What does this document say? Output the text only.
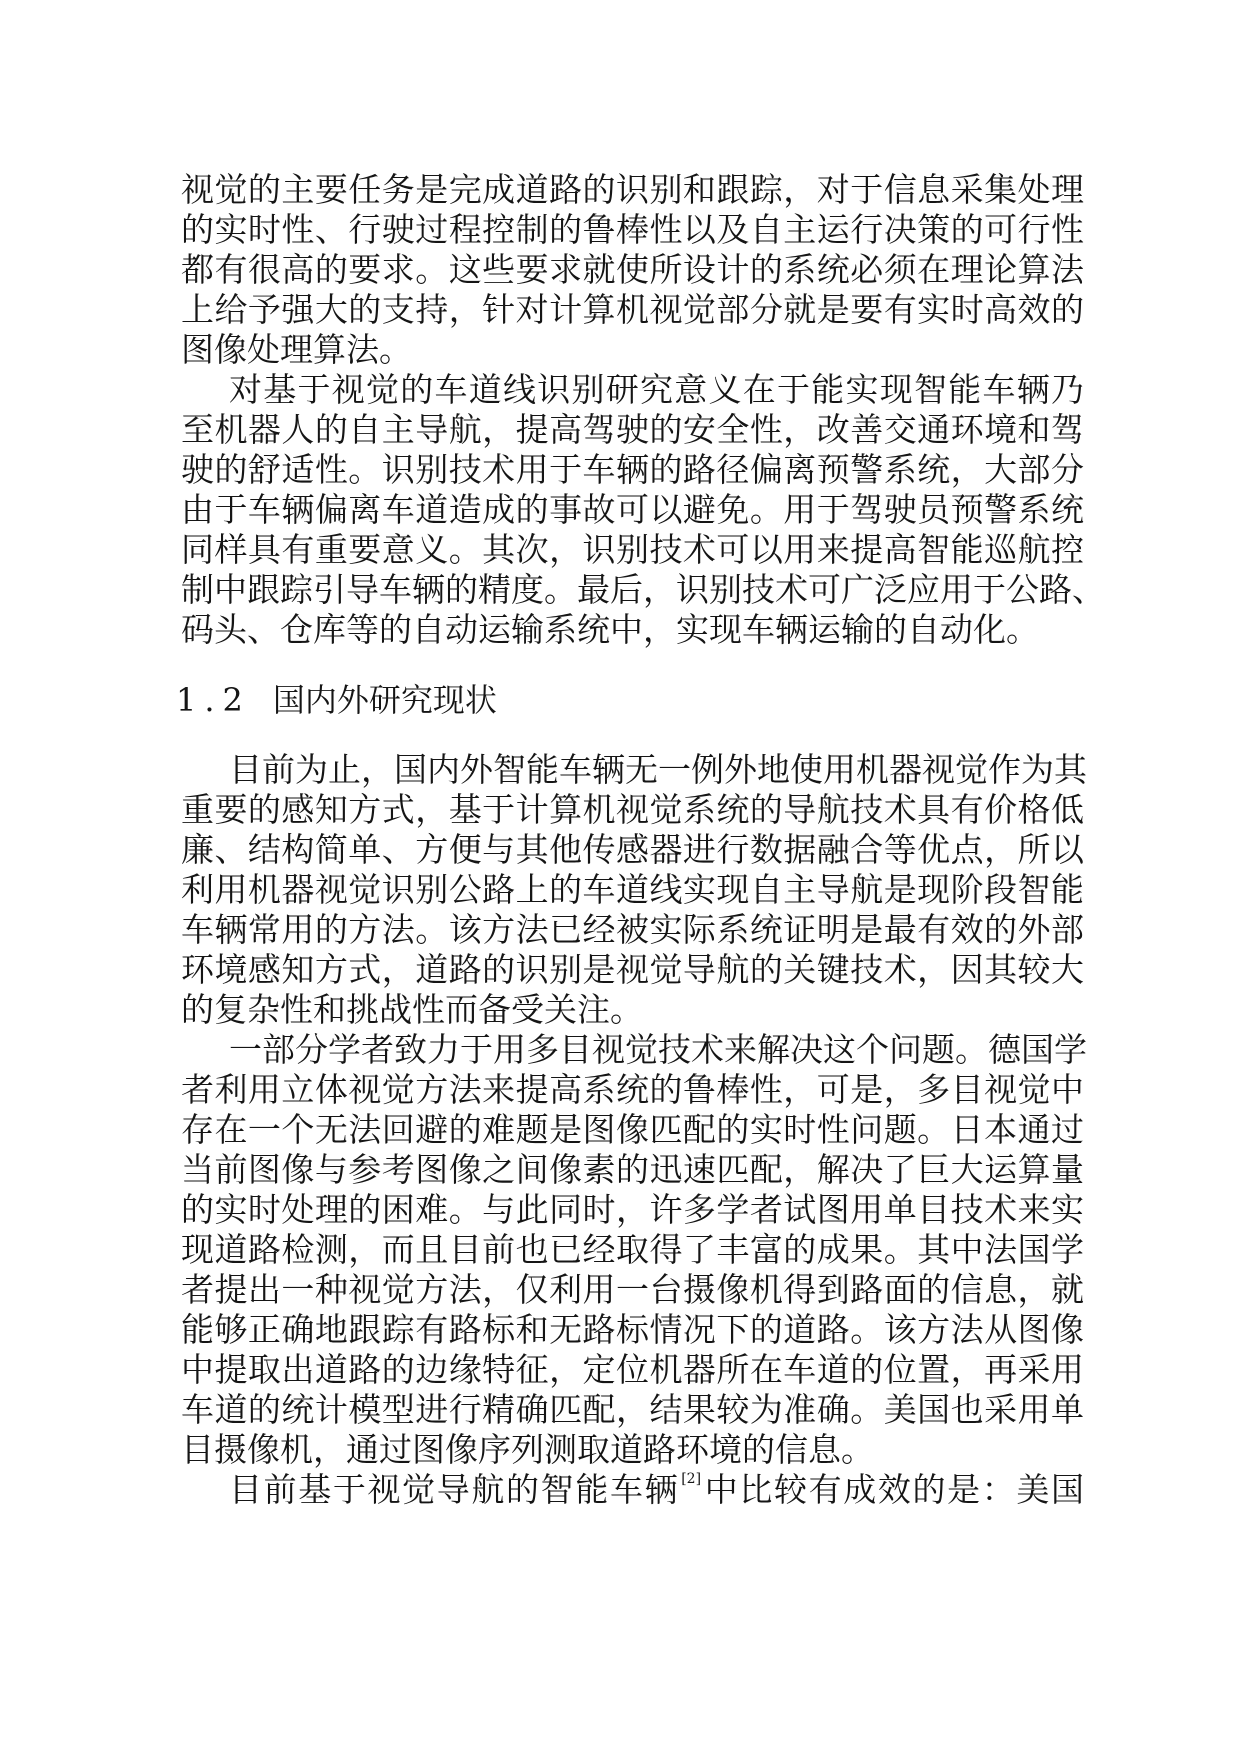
视觉的主要任务是完成道路的识别和跟踪，对于信息采集处理
的实时性、行驶过程控制的鲁棒性以及自主运行决策的可行性
都有很高的要求。这些要求就使所设计的系统必须在理论算法
上给予强大的支持，针对计算机视觉部分就是要有实时高效的
图像处理算法。
对基于视觉的车道线识别研究意义在于能实现智能车辆乃
至机器人的自主导航，提高驾驶的安全性，改善交通环境和驾
驶的舒适性。识别技术用于车辆的路径偏离预警系统，大部分
由于车辆偏离车道造成的事故可以避免。用于驾驶员预警系统
同样具有重要意义。其次，识别技术可以用来提高智能巡航控
制中跟踪引导车辆的精度。最后，识别技术可广泛应用于公路、
码头、仓库等的自动运输系统中，实现车辆运输的自动化。
1.2 国内外研究现状
目前为止，国内外智能车辆无一例外地使用机器视觉作为其
重要的感知方式，基于计算机视觉系统的导航技术具有价格低
廉、结构简单、方便与其他传感器进行数据融合等优点，所以
利用机器视觉识别公路上的车道线实现自主导航是现阶段智能
车辆常用的方法。该方法已经被实际系统证明是最有效的外部
环境感知方式，道路的识别是视觉导航的关键技术，因其较大
的复杂性和挑战性而备受关注。
一部分学者致力于用多目视觉技术来解决这个问题。德国学
者利用立体视觉方法来提高系统的鲁棒性，可是，多目视觉中
存在一个无法回避的难题是图像匹配的实时性问题。日本通过
当前图像与参考图像之间像素的迅速匹配，解决了巨大运算量
的实时处理的困难。与此同时，许多学者试图用单目技术来实
现道路检测，而且目前也已经取得了丰富的成果。其中法国学
者提出一种视觉方法，仅利用一台摄像机得到路面的信息，就
能够正确地跟踪有路标和无路标情况下的道路。该方法从图像
中提取出道路的边缘特征，定位机器所在车道的位置，再采用
车道的统计模型进行精确匹配，结果较为准确。美国也采用单
目摄像机，通过图像序列测取道路环境的信息。
目前基于视觉导航的智能车辆 [2]中比较有成效的是：美国
